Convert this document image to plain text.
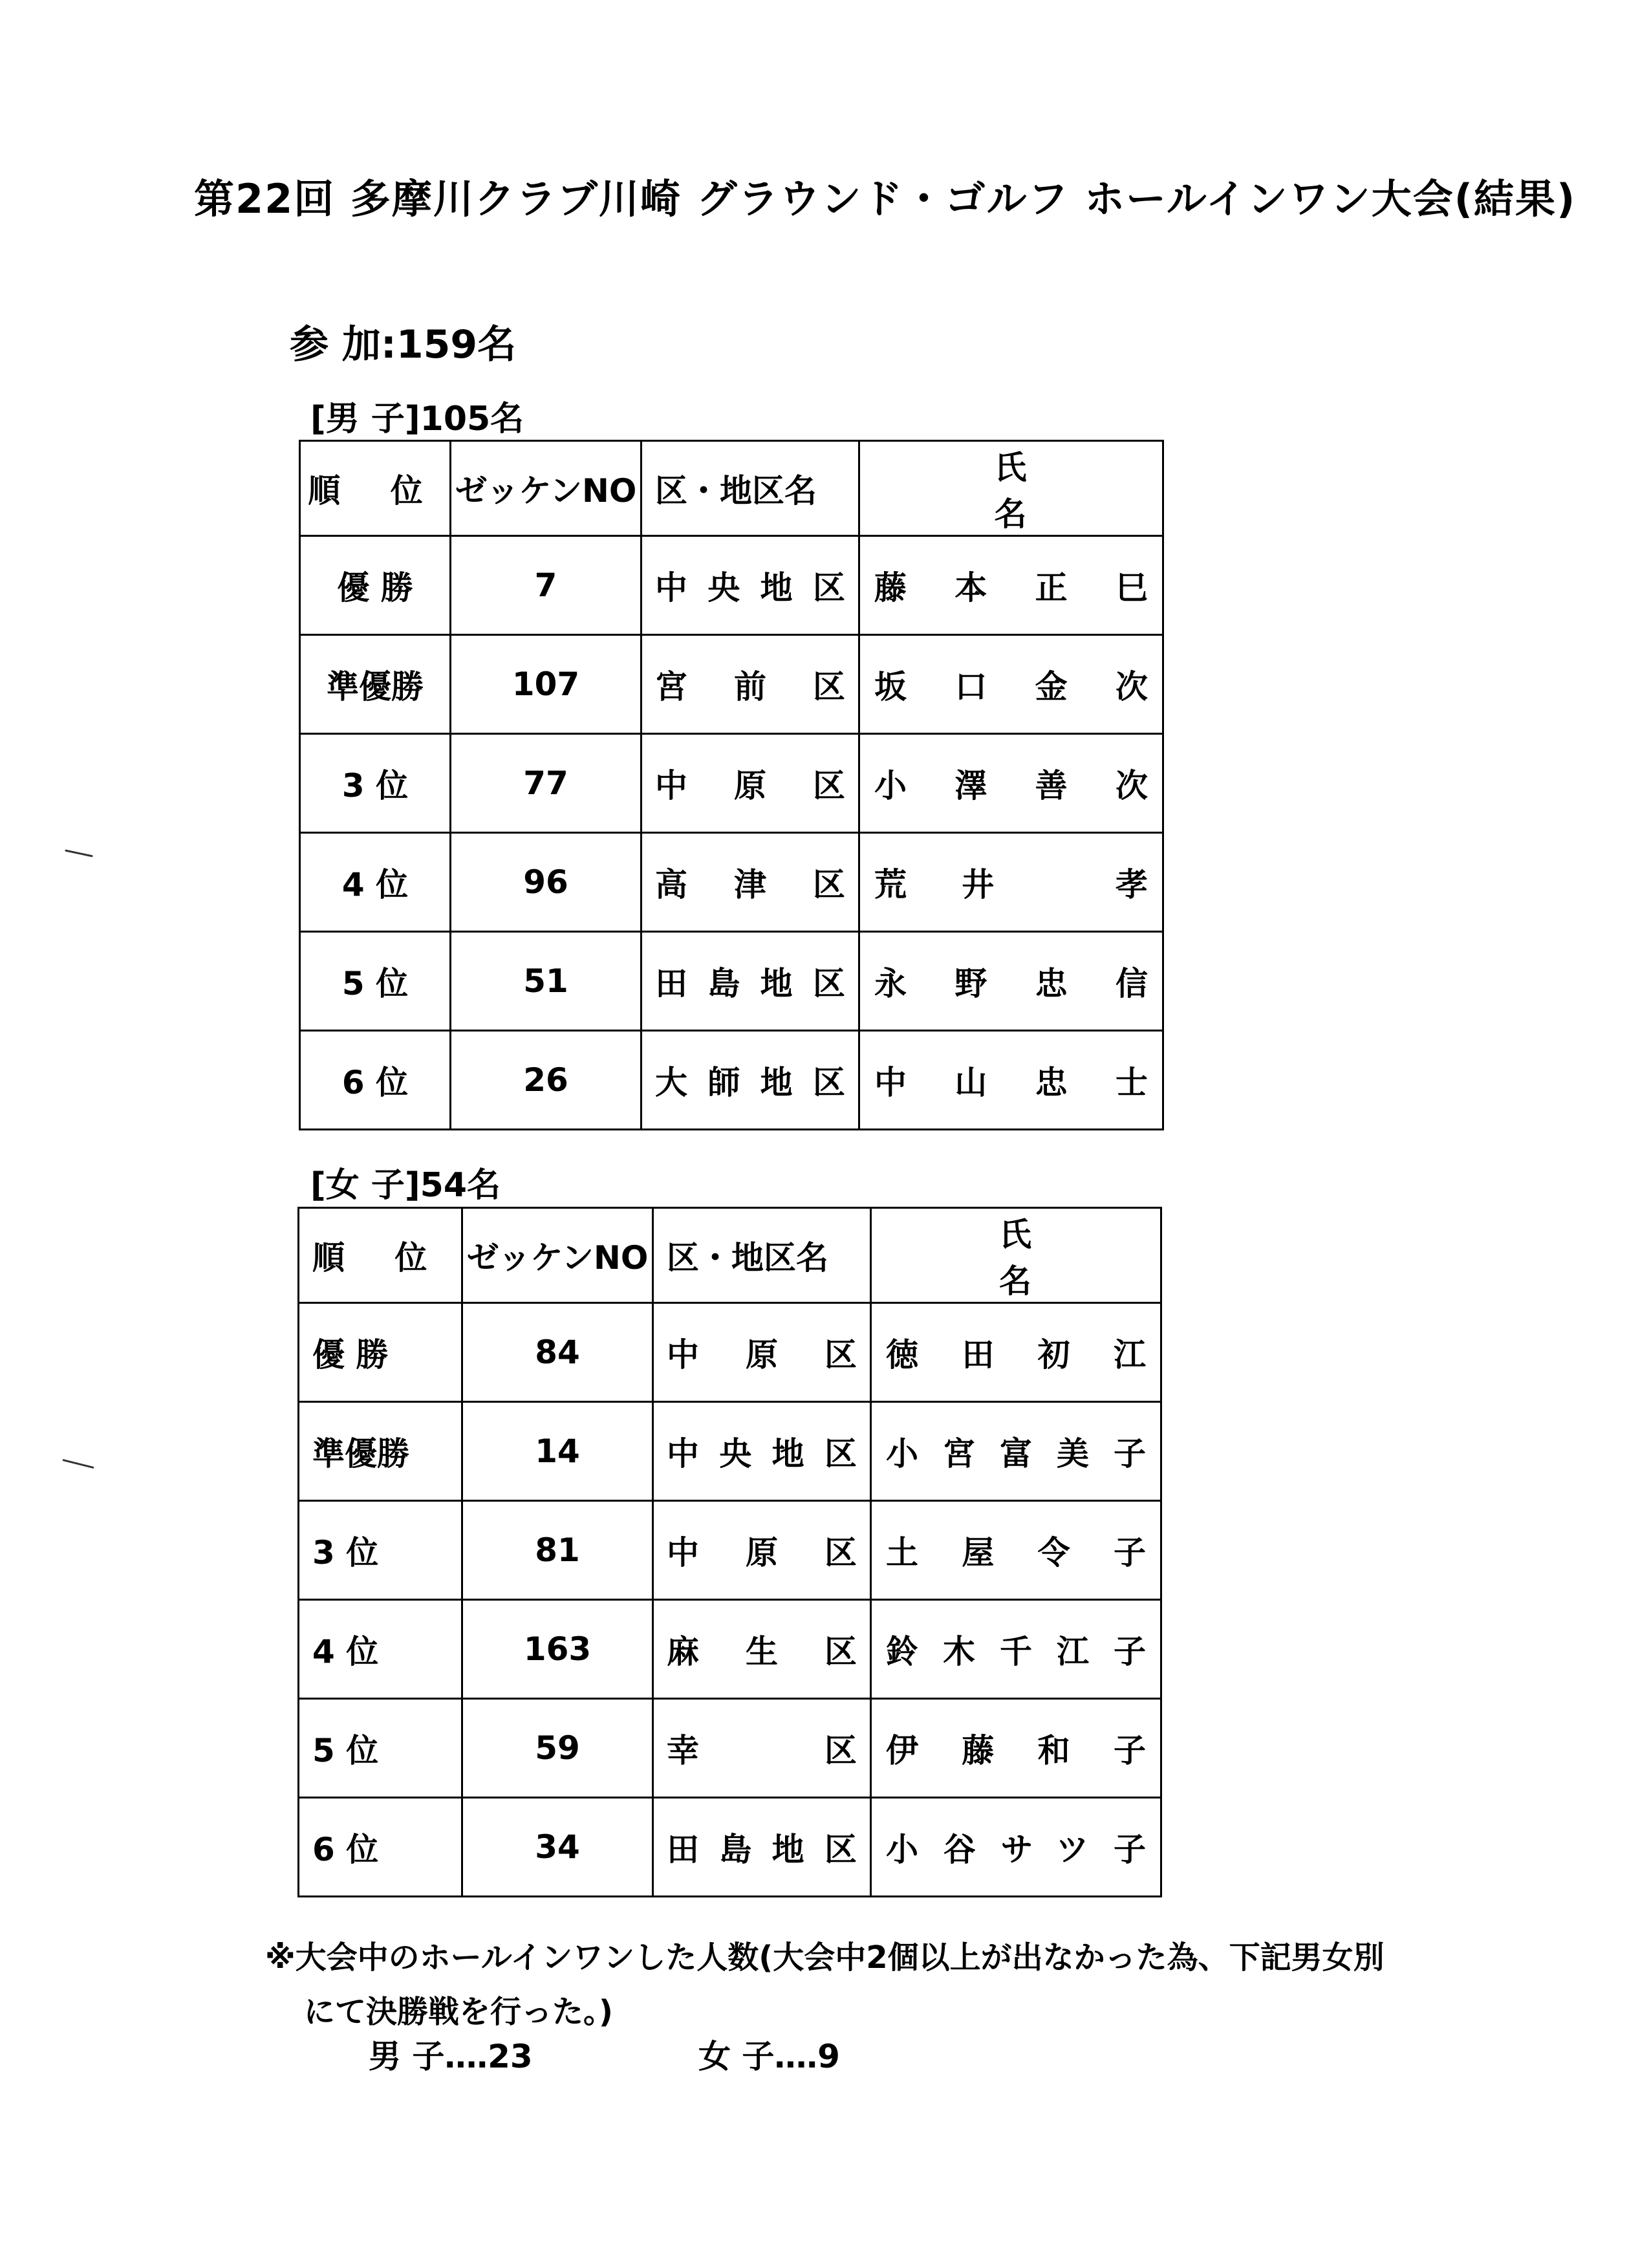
第22回 多摩川クラブ川崎 グラウンド・ゴルフ ホールインワン大会(結果)
参 加:159名
[男 子]105名
順 位	ゼッケンNO	区・地区名	氏 名
優 勝	7	中央地区	藤本正巳
準優勝	107	宮前区	坂口金次
3 位	77	中原区	小澤善次
4 位	96	高津区	荒井 孝
5 位	51	田島地区	永野忠信
6 位	26	大師地区	中山忠士
[女 子]54名
順 位	ゼッケンNO	区・地区名	氏 名
優 勝	84	中原区	徳田初江
準優勝	14	中央地区	小宮富美子
3 位	81	中原区	土屋令子
4 位	163	麻生区	鈴木千江子
5 位	59	幸 区	伊藤和子
6 位	34	田島地区	小谷サツ子
※大会中のホールインワンした人数(大会中2個以上が出なかった為、下記男女別
にて決勝戦を行った。)
男 子‥‥23	女 子‥‥9
